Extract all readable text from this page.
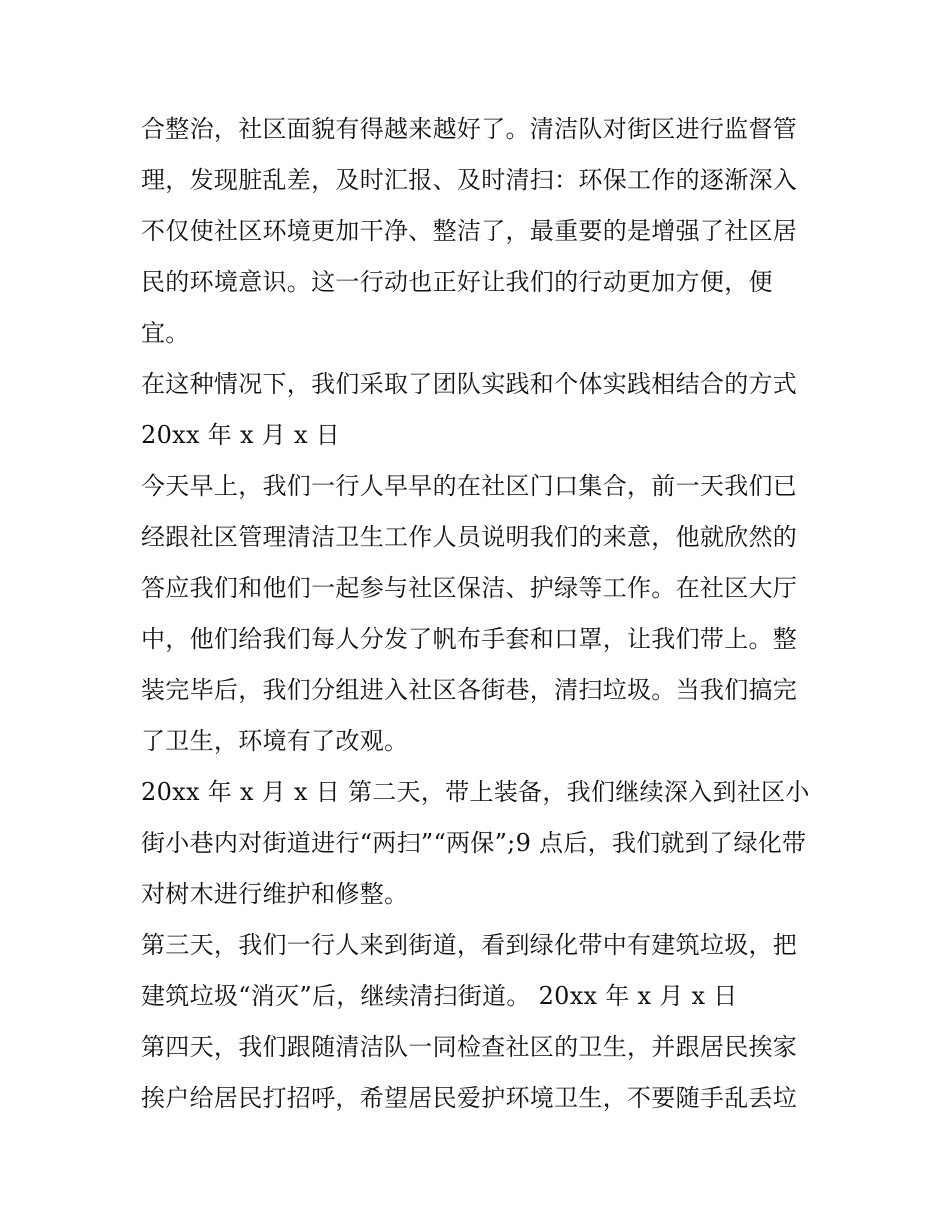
合整治，社区面貌有得越来越好了。清洁队对街区进行监督管
理，发现脏乱差，及时汇报、及时清扫：环保工作的逐渐深入
不仅使社区环境更加干净、整洁了，最重要的是增强了社区居
民的环境意识。这一行动也正好让我们的行动更加方便，便
宜。
在这种情况下，我们采取了团队实践和个体实践相结合的方式
20xx 年 x 月 x 日
今天早上，我们一行人早早的在社区门口集合，前一天我们已
经跟社区管理清洁卫生工作人员说明我们的来意，他就欣然的
答应我们和他们一起参与社区保洁、护绿等工作。在社区大厅
中，他们给我们每人分发了帆布手套和口罩，让我们带上。整
装完毕后，我们分组进入社区各街巷，清扫垃圾。当我们搞完
了卫生，环境有了改观。
20xx 年 x 月 x 日 第二天，带上装备，我们继续深入到社区小
街小巷内对街道进行“两扫”“两保”;9 点后，我们就到了绿化带
对树木进行维护和修整。
第三天，我们一行人来到街道，看到绿化带中有建筑垃圾，把
建筑垃圾“消灭”后，继续清扫街道。 20xx 年 x 月 x 日
第四天，我们跟随清洁队一同检查社区的卫生，并跟居民挨家
挨户给居民打招呼，希望居民爱护环境卫生，不要随手乱丢垃
